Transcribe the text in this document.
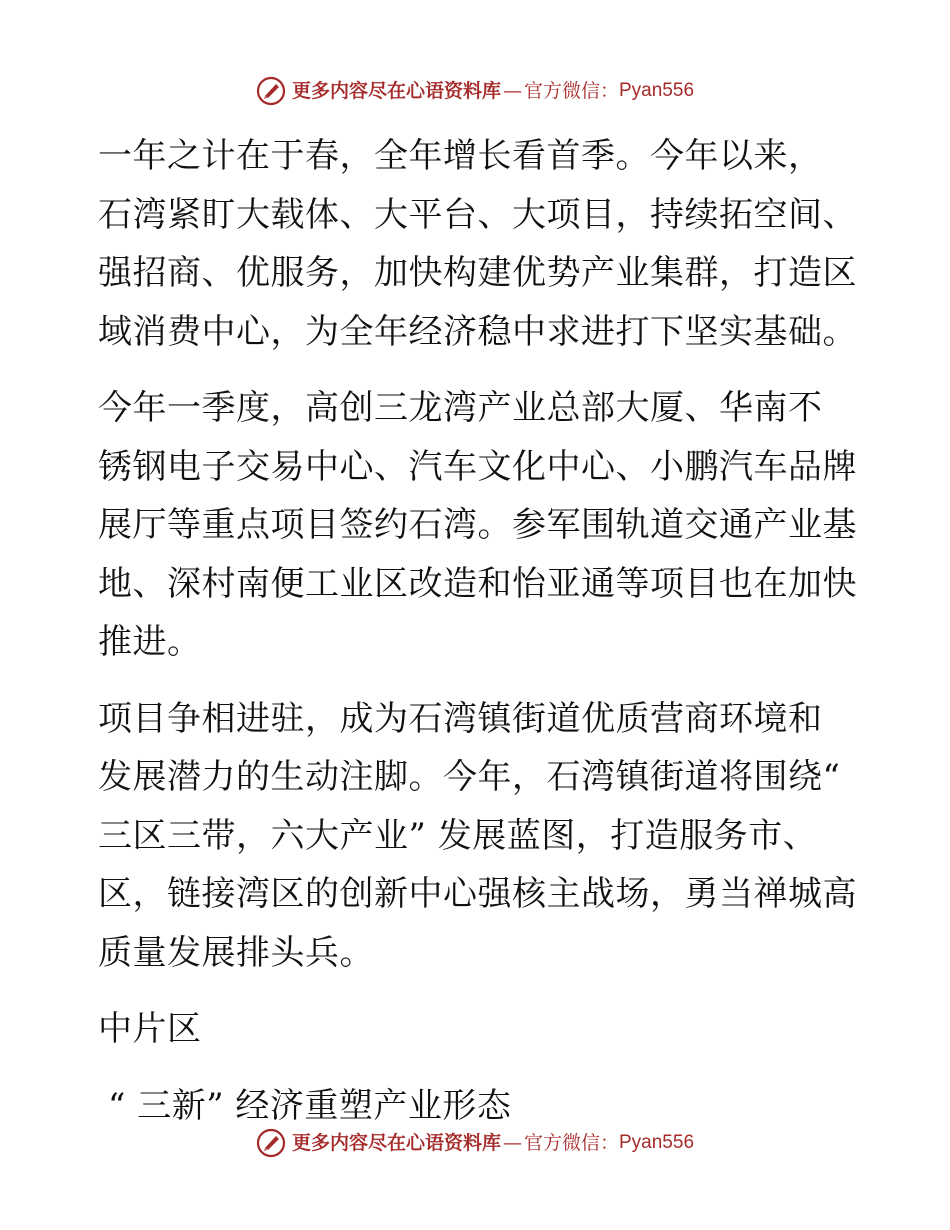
更多内容尽在心语资料库 — 官方微信： Pyan556

一年之计在于春，全年增长看首季。今年以来，
石湾紧盯大载体、大平台、大项目，持续拓空间、
强招商、优服务，加快构建优势产业集群，打造区
域消费中心，为全年经济稳中求进打下坚实基础。

今年一季度，高创三龙湾产业总部大厦、华南不
锈钢电子交易中心、汽车文化中心、小鹏汽车品牌
展厅等重点项目签约石湾。参军围轨道交通产业基
地、深村南便工业区改造和怡亚通等项目也在加快
推进。

项目争相进驻，成为石湾镇街道优质营商环境和
发展潜力的生动注脚。今年，石湾镇街道将围绕“
三区三带，六大产业” 发展蓝图，打造服务市、
区，链接湾区的创新中心强核主战场，勇当禅城高
质量发展排头兵。

中片区

“ 三新” 经济重塑产业形态

更多内容尽在心语资料库 — 官方微信： Pyan556
